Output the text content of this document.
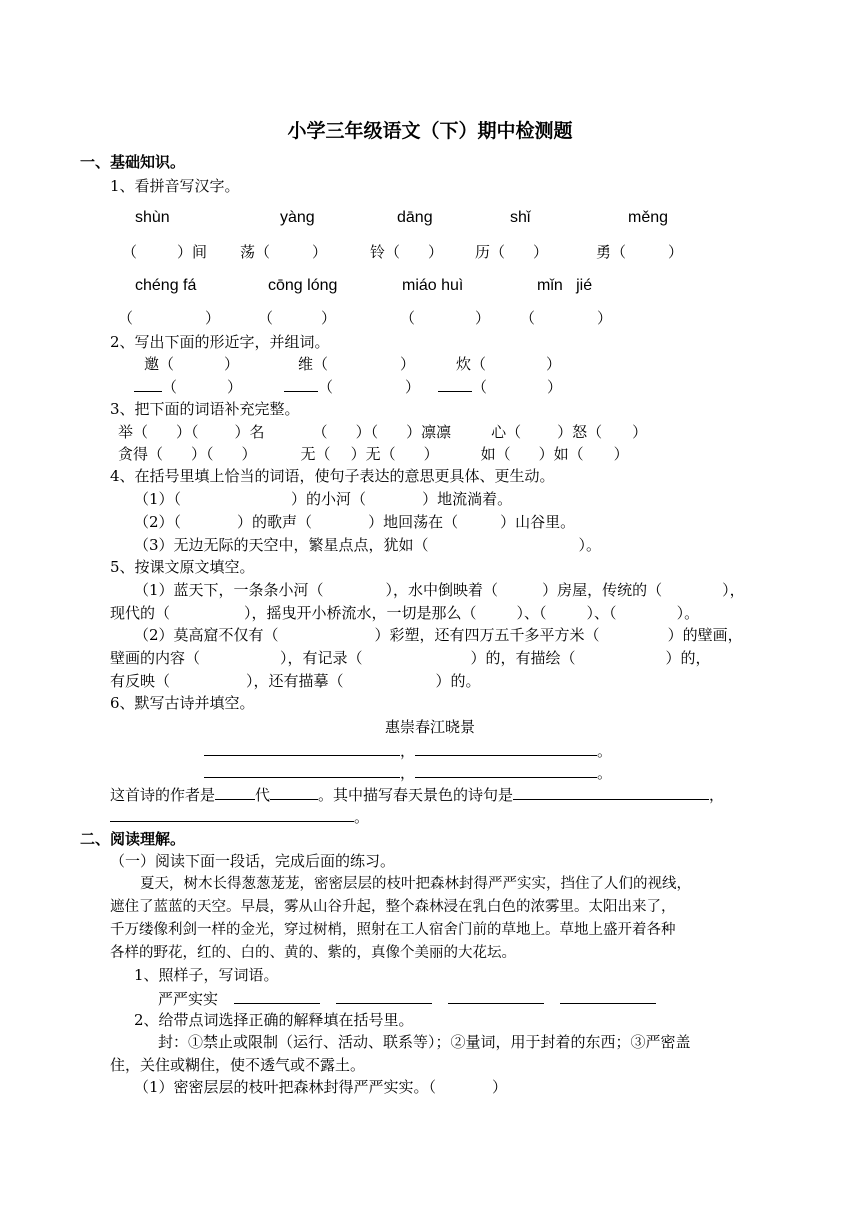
小学三年级语文（下）期中检测题
一、基础知识。
1、看拼音写汉字。
shùn	yàng	dāng	shǐ	měng
（	）间 荡（	）	铃（ ） 历（ ）	勇（	）
chéng fá	cōng lóng	miáo huì	mǐn   jié
（	）	（	）	（	） （	）
2、写出下面的形近字，并组词。
邀（	）	维（	）	炊（	）
（	）	（	）	（	）
3、把下面的词语补充完整。
举（ ）（ ）名	（ ）（ ）凛凛	心（ ）怒（ ）
贪得（ ）（ ）	无（ ）无（ ）	如（ ）如（ ）
4、在括号里填上恰当的词语，使句子表达的意思更具体、更生动。
（1）（	）的小河（	）地流淌着。
（2）（	）的歌声（	）地回荡在（	）山谷里。
（3）无边无际的天空中，繁星点点，犹如（	）。
5、按课文原文填空。
（1）蓝天下，一条条小河（	），水中倒映着（	）房屋，传统的（	），
现代的（	），摇曳开小桥流水，一切是那么（	）、（	）、（	）。
（2）莫高窟不仅有（	）彩塑，还有四万五千多平方米（	）的壁画，
壁画的内容（	），有记录（	）的，有描绘（	）的，
有反映（	），还有描摹（	）的。
6、默写古诗并填空。
惠崇春江晓景
，	。
，	。
这首诗的作者是	代	。其中描写春天景色的诗句是	，
。
二、阅读理解。
（一）阅读下面一段话，完成后面的练习。
夏天，树木长得葱葱茏茏，密密层层的枝叶把森林封得严严实实，挡住了人们的视线，
遮住了蓝蓝的天空。早晨，雾从山谷升起，整个森林浸在乳白色的浓雾里。太阳出来了，
千万缕像利剑一样的金光，穿过树梢，照射在工人宿舍门前的草地上。草地上盛开着各种
各样的野花，红的、白的、黄的、紫的，真像个美丽的大花坛。
1、照样子，写词语。
严严实实
2、给带点词选择正确的解释填在括号里。
封：①禁止或限制（运行、活动、联系等）；②量词，用于封着的东西；③严密盖
住，关住或糊住，使不透气或不露土。
（1）密密层层的枝叶把森林封得严严实实。（	）
